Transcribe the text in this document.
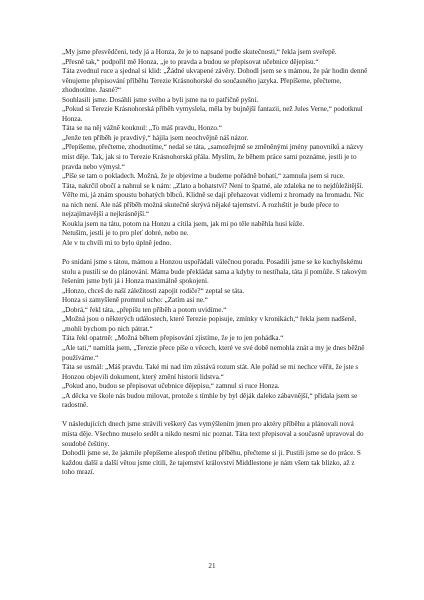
„My jsme přesvědčeni, tedy já a Honza, že je to napsané podle skutečnosti,“ řekla jsem sveřepě.

„Přesně tak,“ podpořil mě Honza, „je to pravda a budou se přepisovat učebnice dějepisu.“

Táta zvednul ruce a sjednal si klid: „Žádné ukvapené závěry. Dohodl jsem se s mámou, že pár hodin denně věnujeme přepisování příběhu Terezie Krásnohorské do současného jazyka. Přepíšeme, přečteme, zhodnotíme. Jasné?“

Souhlasili jsme. Dosáhli jsme svého a byli jsme na to patřičně pyšní.

„Pokud si Terezie Krásnohorská příběh vymyslela, měla by bujnější fantazii, než Jules Verne,“ podotknul Honza.

Táta se na něj vážně kouknul: „To máš pravdu, Honzo.“

„Jenže ten příběh je pravdivý,“ hájila jsem neochvějně náš názor.

„Přepíšeme, přečteme, zhodnotíme,“ nedal se táta, „samozřejmě se změněnými jmény panovníků a názvy míst děje. Tak, jak si to Terezie Krásnohorská přála. Myslím, že během práce sami poznáme, jestli je to pravda nebo výmysl.“

„Píše se tam o pokladech. Možná, že je objevíme a budeme pořádně bohatí,“ zamnula jsem si ruce.

Táta, nakrčil obočí a nahnul se k nám: „Zlato a bohatství? Není to špatné, ale zdaleka ne to nejdůležitější. Věřte mi, já znám spoustu bohatých blbců. Klidně se dají přehazovat vidlemi z hromady na hromadu. Nic na nich není. Ale náš příběh možná skutečně skrývá nějaké tajemství. A rozluštit je bude přece to nejzajímavější a nejkrásnější.“

Koukla jsem na tátu, potom na Honzu a cítila jsem, jak mi po těle naběhla husí kůže.

Netušim, jestli je to pro pleť dobré, nebo ne.

Ale v tu chvíli mi to bylo úplně jedno.

Po snídani jsme s tátou, mámou a Honzou uspořádali válečnou poradu. Posadili jsme se ke kuchyňskému stolu a pustili se do plánování. Máma bude překládat sama a kdyby to nestíhala, táta jí pomůže. S takovým řešením jsme byli já i Honza maximálně spokojeni.

„Honzo, chceš do naší záležitosti zapojit rodiče?“ zeptal se táta.

Honza si zamyšleně promnul ucho: „Zatím asi ne.“

„Dobrá,“ řekl táta, „přepíšu ten příběh a potom uvidíme.“

„Možná jsou o některých událostech, které Terezie popisuje, zmínky v kronikách,“ řekla jsem nadšeně, „mohli bychom po nich pátrat.“

Táta řekl opatrně: „Možná během přepisování zjistíme, že je to jen pohádka.“

„Ale tati,“ namítla jsem, „Terezie přece píše o věcech, které ve své době nemohla znát a my je dnes běžně používáme.“

Táta se usmál: „Máš pravdu. Také mi nad tím zůstává rozum stát. Ale pořád se mi nechce věřit, že jste s Honzou objevili dokument, který změní historii lidstva.“

„Pokud ano, budou se přepisovat učebnice dějepisu,“ zamnul si ruce Honza.

„A děcka ve škole nás budou milovat, protože s tímhle by byl děják daleko zábavnější,“ přidala jsem se radostně.

V následujících dnech jsme strávili veškerý čas vymýšlením jmen pro aktéry příběhu a plánovali nová místa děje. Všechno muselo sedět a nikdo nesmí nic poznat. Táta text přepisoval a současně upravoval do soudobé češtiny.

Dohodli jsme se, že jakmile přepíšeme alespoň třetinu příběhu, přečteme si ji. Pustili jsme se do práce. S každou další a další větou jsme cítili, že tajemství království Middlestone je nám všem tak blízko, až z toho mrazí.

21
